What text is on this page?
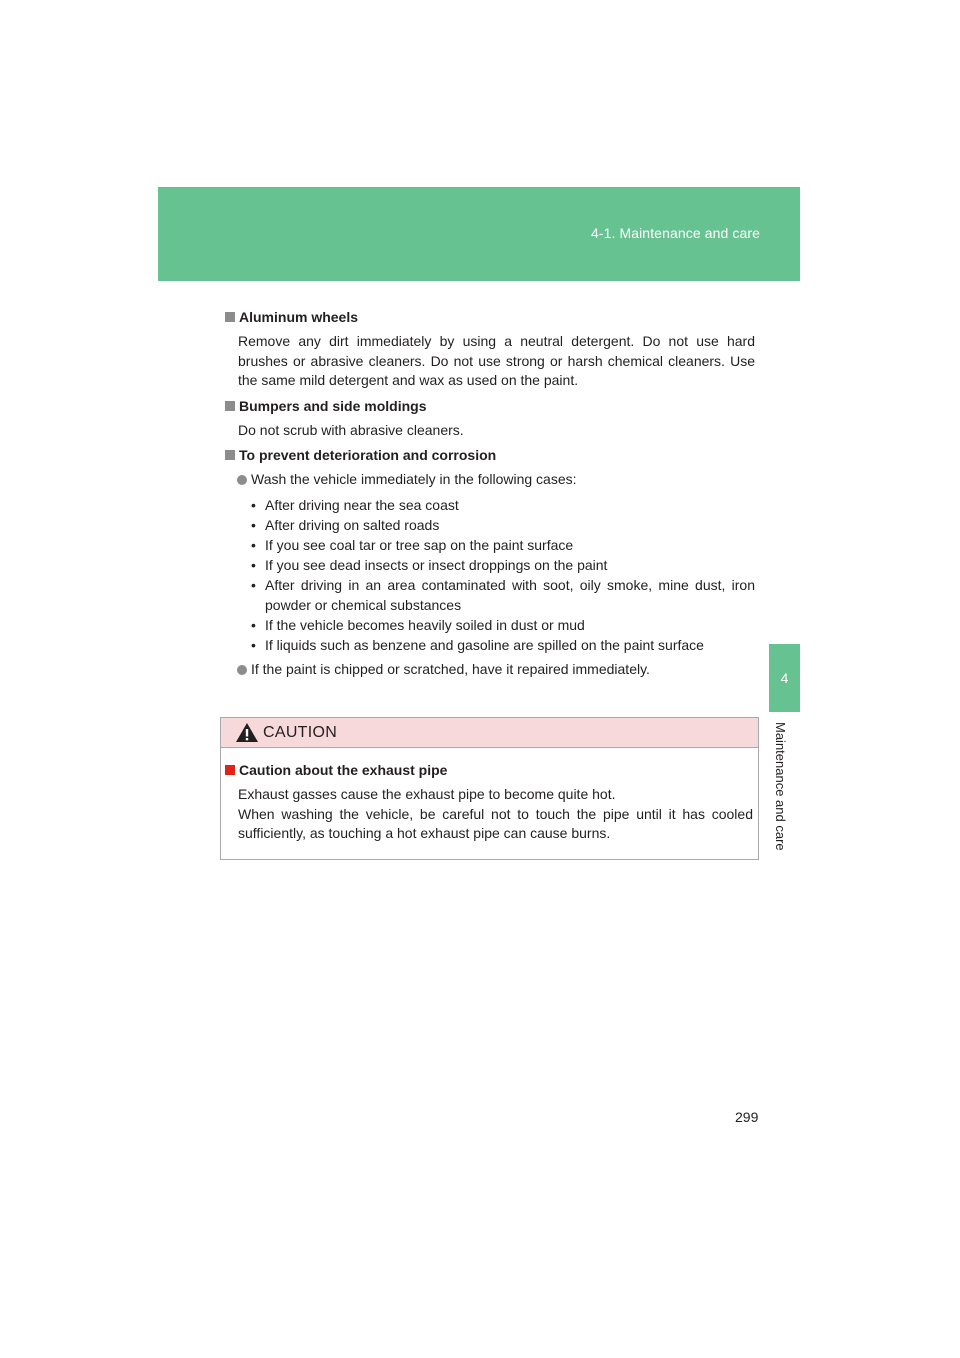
4-1. Maintenance and care
4
Maintenance and care
Aluminum wheels
Remove any dirt immediately by using a neutral detergent. Do not use hard brushes or abrasive cleaners. Do not use strong or harsh chemical cleaners. Use the same mild detergent and wax as used on the paint.
Bumpers and side moldings
Do not scrub with abrasive cleaners.
To prevent deterioration and corrosion
Wash the vehicle immediately in the following cases:
• After driving near the sea coast
• After driving on salted roads
• If you see coal tar or tree sap on the paint surface
• If you see dead insects or insect droppings on the paint
• After driving in an area contaminated with soot, oily smoke, mine dust, iron powder or chemical substances
• If the vehicle becomes heavily soiled in dust or mud
• If liquids such as benzene and gasoline are spilled on the paint surface
If the paint is chipped or scratched, have it repaired immediately.
CAUTION
Caution about the exhaust pipe
Exhaust gasses cause the exhaust pipe to become quite hot.
When washing the vehicle, be careful not to touch the pipe until it has cooled sufficiently, as touching a hot exhaust pipe can cause burns.
299
